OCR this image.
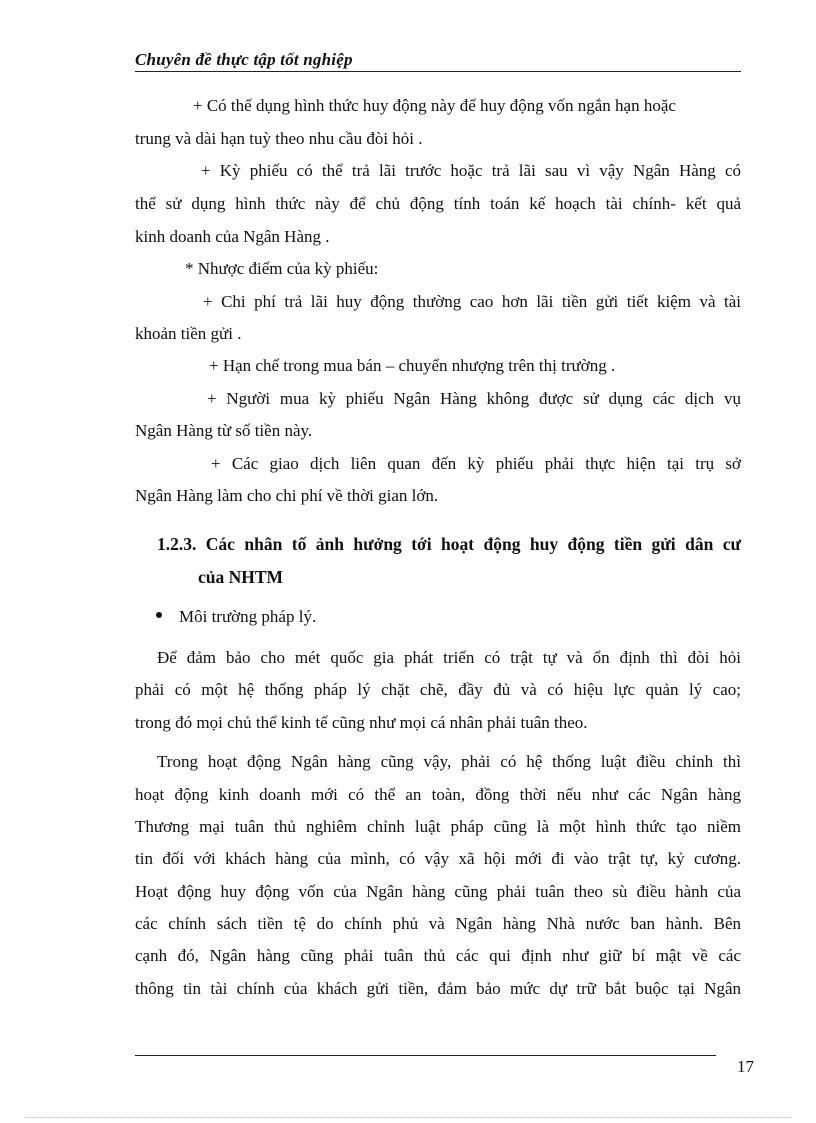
Chuyên đề thực tập tốt nghiệp
+ Có thể dụng hình thức huy động này để huy động vốn ngắn hạn hoặc
trung và dài hạn tuỳ theo nhu cầu đòi hỏi .
+ Kỳ phiếu có thể trả lãi trước hoặc trả lãi sau vì vậy Ngân Hàng có
thể sử dụng hình thức này để chủ động tính toán kế hoạch tài chính- kết quả
kinh doanh của Ngân Hàng .
* Nhược điểm của kỳ phiếu:
+ Chi phí trả lãi huy động thường cao hơn lãi tiền gửi tiết kiệm và tài
khoản tiền gửi .
+ Hạn chế trong mua bán – chuyển nhượng trên thị trường .
+ Người mua kỳ phiếu Ngân Hàng không được sử dụng các dịch vụ
Ngân Hàng từ số tiền này.
+ Các giao dịch liên quan đến kỳ phiếu phải thực hiện tại trụ sở
Ngân Hàng làm cho chi phí về thời gian lớn.
1.2.3. Các nhân tố ảnh hưởng tới hoạt động huy động tiền gửi dân cư
của NHTM
Môi trường pháp lý.
Để đảm bảo cho mét quốc gia phát triển có trật tự và ổn định thì đòi hỏi
phải có một hệ thống pháp lý chặt chẽ, đầy đủ và có hiệu lực quản lý cao;
trong đó mọi chủ thể kinh tế cũng như mọi cá nhân phải tuân theo.
Trong hoạt động Ngân hàng cũng vậy, phải có hệ thống luật điều chỉnh thì
hoạt động kinh doanh mới có thể an toàn, đồng thời nếu như các Ngân hàng
Thương mại tuân thủ nghiêm chỉnh luật pháp cũng là một hình thức tạo niềm
tin đối với khách hàng của mình, có vậy xã hội mới đi vào trật tự, kỷ cương.
Hoạt động huy động vốn của Ngân hàng cũng phải tuân theo sù điều hành của
các chính sách tiền tệ do chính phủ và Ngân hàng Nhà nước ban hành. Bên
cạnh đó, Ngân hàng cũng phải tuân thủ các qui định như giữ bí mật về các
thông tin tài chính của khách gửi tiền, đảm bảo mức dự trữ bắt buộc tại Ngân
17
